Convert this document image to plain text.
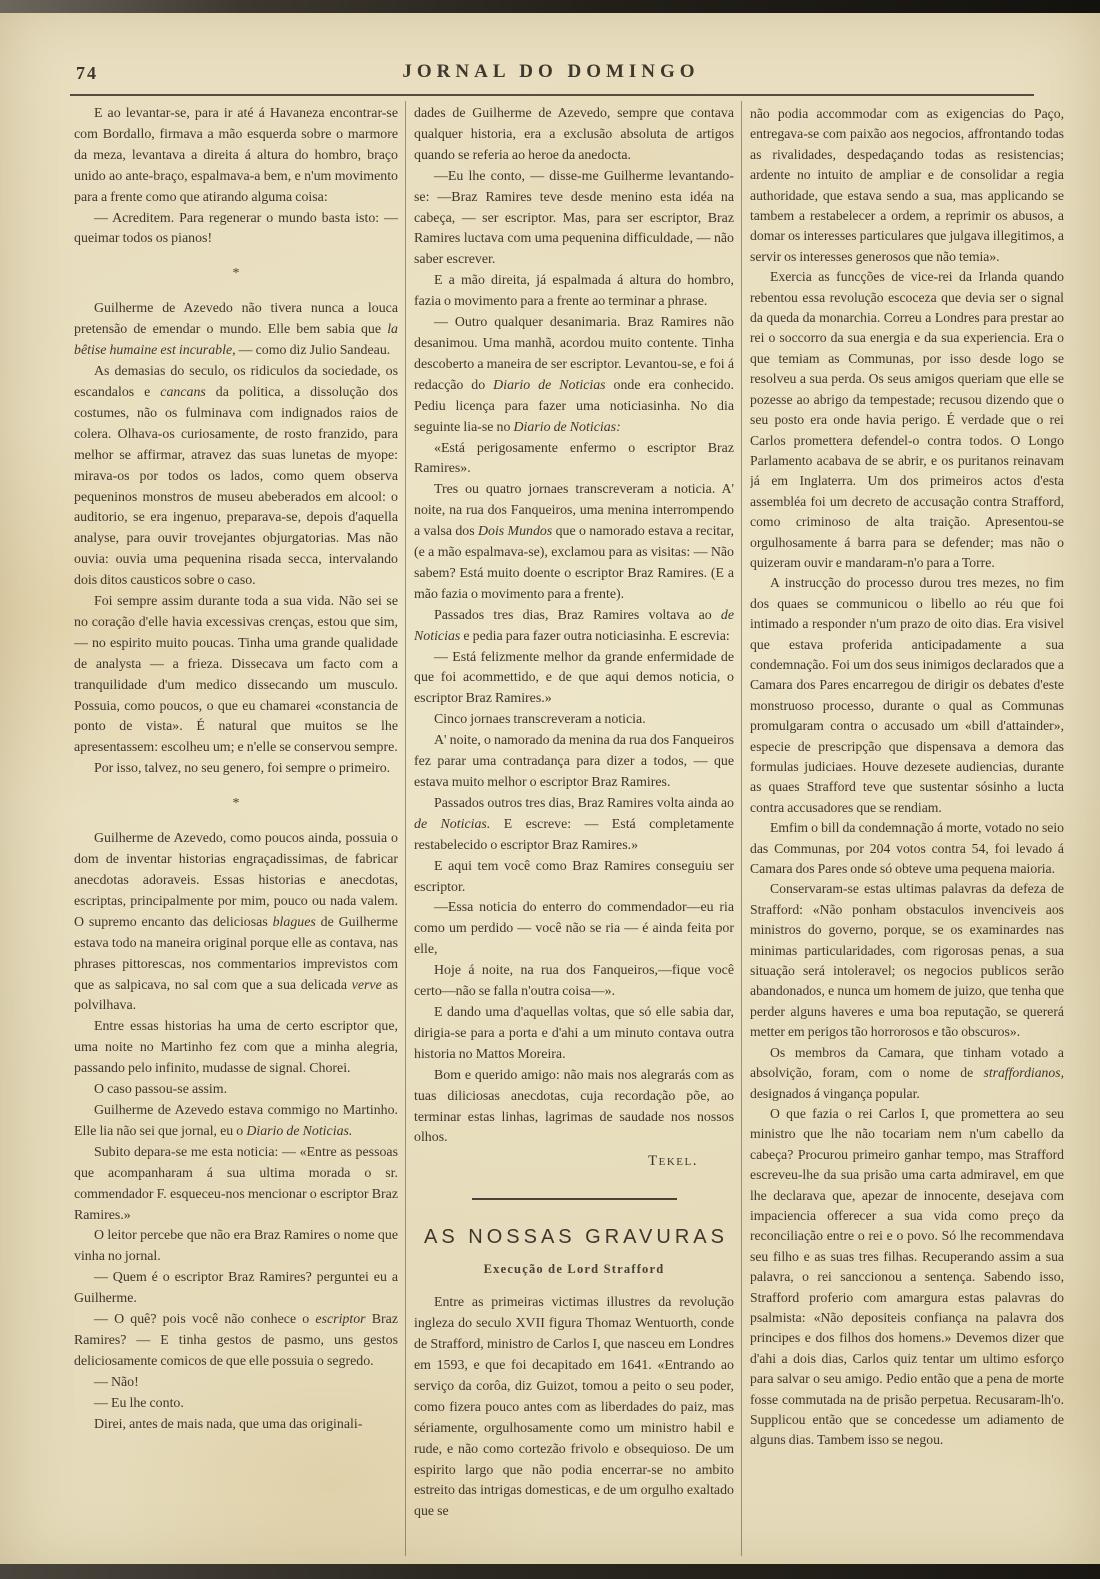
74	JORNAL DO DOMINGO

E ao levantar-se, para ir até á Havaneza encontrar-se com Bordallo, firmava a mão esquerda sobre o marmore da meza, levantava a direita á altura do hombro, braço unido ao ante-braço, espalmava-a bem, e n'um movimento para a frente como que atirando alguma coisa:

— Acreditem. Para regenerar o mundo basta isto: — queimar todos os pianos!

*

Guilherme de Azevedo não tivera nunca a louca pretensão de emendar o mundo. Elle bem sabia que la bêtise humaine est incurable, — como diz Julio Sandeau.

As demasias do seculo, os ridiculos da sociedade, os escandalos e cancans da politica, a dissolução dos costumes, não os fulminava com indignados raios de colera. Olhava-os curiosamente, de rosto franzido, para melhor se affirmar, atravez das suas lunetas de myope: mirava-os por todos os lados, como quem observa pequeninos monstros de museu abeberados em alcool: o auditorio, se era ingenuo, preparava-se, depois d'aquella analyse, para ouvir trovejantes objurgatorias. Mas não ouvia: ouvia uma pequenina risada secca, intervalando dois ditos causticos sobre o caso.

Foi sempre assim durante toda a sua vida. Não sei se no coração d'elle havia excessivas crenças, estou que sim, — no espirito muito poucas. Tinha uma grande qualidade de analysta — a frieza. Dissecava um facto com a tranquilidade d'um medico dissecando um musculo. Possuia, como poucos, o que eu chamarei «constancia de ponto de vista». É natural que muitos se lhe apresentassem: escolheu um; e n'elle se conservou sempre.

Por isso, talvez, no seu genero, foi sempre o primeiro.

*

Guilherme de Azevedo, como poucos ainda, possuia o dom de inventar historias engraçadissimas, de fabricar anecdotas adoraveis. Essas historias e anecdotas, escriptas, principalmente por mim, pouco ou nada valem. O supremo encanto das deliciosas blagues de Guilherme estava todo na maneira original porque elle as contava, nas phrases pittorescas, nos commentarios imprevistos com que as salpicava, no sal com que a sua delicada verve as polvilhava.

Entre essas historias ha uma de certo escriptor que, uma noite no Martinho fez com que a minha alegria, passando pelo infinito, mudasse de signal. Chorei.

O caso passou-se assim.

Guilherme de Azevedo estava commigo no Martinho. Elle lia não sei que jornal, eu o Diario de Noticias.

Subito depara-se me esta noticia: — «Entre as pessoas que acompanharam á sua ultima morada o sr. commendador F. esqueceu-nos mencionar o escriptor Braz Ramires.»

O leitor percebe que não era Braz Ramires o nome que vinha no jornal.

— Quem é o escriptor Braz Ramires? perguntei eu a Guilherme.

— O quê? pois você não conhece o escriptor Braz Ramires? — E tinha gestos de pasmo, uns gestos deliciosamente comicos de que elle possuia o segredo.

— Não!

— Eu lhe conto.

Direi, antes de mais nada, que uma das originali-

dades de Guilherme de Azevedo, sempre que contava qualquer historia, era a exclusão absoluta de artigos quando se referia ao heroe da anedocta.

—Eu lhe conto, — disse-me Guilherme levantando-se: —Braz Ramires teve desde menino esta idéa na cabeça, — ser escriptor. Mas, para ser escriptor, Braz Ramires luctava com uma pequenina difficuldade, — não saber escrever.

E a mão direita, já espalmada á altura do hombro, fazia o movimento para a frente ao terminar a phrase.

— Outro qualquer desanimaria. Braz Ramires não desanimou. Uma manhã, acordou muito contente. Tinha descoberto a maneira de ser escriptor. Levantou-se, e foi á redacção do Diario de Noticias onde era conhecido. Pediu licença para fazer uma noticiasinha. No dia seguinte lia-se no Diario de Noticias:

«Está perigosamente enfermo o escriptor Braz Ramires».

Tres ou quatro jornaes transcreveram a noticia. A' noite, na rua dos Fanqueiros, uma menina interrompendo a valsa dos Dois Mundos que o namorado estava a recitar, (e a mão espalmava-se), exclamou para as visitas: — Não sabem? Está muito doente o escriptor Braz Ramires. (E a mão fazia o movimento para a frente).

Passados tres dias, Braz Ramires voltava ao de Noticias e pedia para fazer outra noticiasinha. E escrevia:

— Está felizmente melhor da grande enfermidade de que foi acommettido, e de que aqui demos noticia, o escriptor Braz Ramires.»

Cinco jornaes transcreveram a noticia.

A' noite, o namorado da menina da rua dos Fanqueiros fez parar uma contradança para dizer a todos, — que estava muito melhor o escriptor Braz Ramires.

Passados outros tres dias, Braz Ramires volta ainda ao de Noticias. E escreve: — Está completamente restabelecido o escriptor Braz Ramires.»

E aqui tem você como Braz Ramires conseguiu ser escriptor.

—Essa noticia do enterro do commendador—eu ria como um perdido — você não se ria — é ainda feita por elle,

Hoje á noite, na rua dos Fanqueiros,—fique você certo—não se falla n'outra coisa—».

E dando uma d'aquellas voltas, que só elle sabia dar, dirigia-se para a porta e d'ahi a um minuto contava outra historia no Mattos Moreira.

Bom e querido amigo: não mais nos alegrarás com as tuas diliciosas anecdotas, cuja recordação põe, ao terminar estas linhas, lagrimas de saudade nos nossos olhos.

Tekel.
AS NOSSAS GRAVURAS
Execução de Lord Strafford

Entre as primeiras victimas illustres da revolução ingleza do seculo XVII figura Thomaz Wentuorth, conde de Strafford, ministro de Carlos I, que nasceu em Londres em 1593, e que foi decapitado em 1641. «Entrando ao serviço da corôa, diz Guizot, tomou a peito o seu poder, como fizera pouco antes com as liberdades do paiz, mas sériamente, orgulhosamente como um ministro habil e rude, e não como cortezão frivolo e obsequioso. De um espirito largo que não podia encerrar-se no ambito estreito das intrigas domesticas, e de um orgulho exaltado que se

não podia accommodar com as exigencias do Paço, entregava-se com paixão aos negocios, affrontando todas as rivalidades, despedaçando todas as resistencias; ardente no intuito de ampliar e de consolidar a regia authoridade, que estava sendo a sua, mas applicando se tambem a restabelecer a ordem, a reprimir os abusos, a domar os interesses particulares que julgava illegitimos, a servir os interesses generosos que não temia».

Exercia as funcções de vice-rei da Irlanda quando rebentou essa revolução escoceza que devia ser o signal da queda da monarchia. Correu a Londres para prestar ao rei o soccorro da sua energia e da sua experiencia. Era o que temiam as Communas, por isso desde logo se resolveu a sua perda. Os seus amigos queriam que elle se pozesse ao abrigo da tempestade; recusou dizendo que o seu posto era onde havia perigo. É verdade que o rei Carlos promettera defendel-o contra todos. O Longo Parlamento acabava de se abrir, e os puritanos reinavam já em Inglaterra. Um dos primeiros actos d'esta assembléa foi um decreto de accusação contra Strafford, como criminoso de alta traição. Apresentou-se orgulhosamente á barra para se defender; mas não o quizeram ouvir e mandaram-n'o para a Torre.

A instrucção do processo durou tres mezes, no fim dos quaes se communicou o libello ao réu que foi intimado a responder n'um prazo de oito dias. Era visivel que estava proferida anticipadamente a sua condemnação. Foi um dos seus inimigos declarados que a Camara dos Pares encarregou de dirigir os debates d'este monstruoso processo, durante o qual as Communas promulgaram contra o accusado um «bill d'attainder», especie de prescripção que dispensava a demora das formulas judiciaes. Houve dezesete audiencias, durante as quaes Strafford teve que sustentar sósinho a lucta contra accusadores que se rendiam.

Emfim o bill da condemnação á morte, votado no seio das Communas, por 204 votos contra 54, foi levado á Camara dos Pares onde só obteve uma pequena maioria.

Conservaram-se estas ultimas palavras da defeza de Strafford: «Não ponham obstaculos invenciveis aos ministros do governo, porque, se os examinardes nas minimas particularidades, com rigorosas penas, a sua situação será intoleravel; os negocios publicos serão abandonados, e nunca um homem de juizo, que tenha que perder alguns haveres e uma boa reputação, se quererá metter em perigos tão horrorosos e tão obscuros».

Os membros da Camara, que tinham votado a absolvição, foram, com o nome de straffordianos, designados á vingança popular.

O que fazia o rei Carlos I, que promettera ao seu ministro que lhe não tocariam nem n'um cabello da cabeça? Procurou primeiro ganhar tempo, mas Strafford escreveu-lhe da sua prisão uma carta admiravel, em que lhe declarava que, apezar de innocente, desejava com impaciencia offerecer a sua vida como preço da reconciliação entre o rei e o povo. Só lhe recommendava seu filho e as suas tres filhas. Recuperando assim a sua palavra, o rei sanccionou a sentença. Sabendo isso, Strafford proferio com amargura estas palavras do psalmista: «Não depositeis confiança na palavra dos principes e dos filhos dos homens.» Devemos dizer que d'ahi a dois dias, Carlos quiz tentar um ultimo esforço para salvar o seu amigo. Pedio então que a pena de morte fosse commutada na de prisão perpetua. Recusaram-lh'o. Supplicou então que se concedesse um adiamento de alguns dias. Tambem isso se negou.
